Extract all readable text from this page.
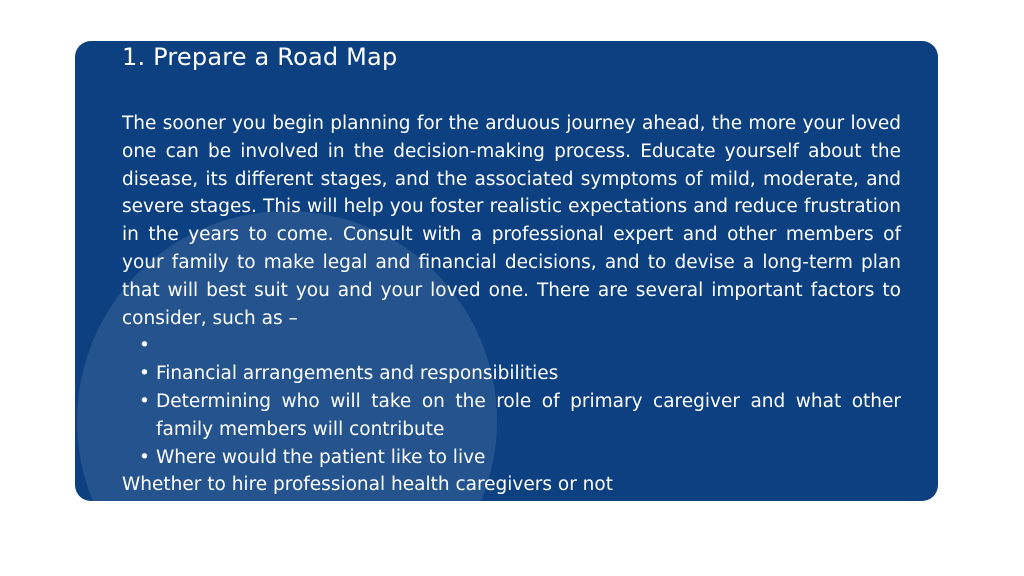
1. Prepare a Road Map

The sooner you begin planning for the arduous journey ahead, the more your loved one can be involved in the decision-making process. Educate yourself about the disease, its different stages, and the associated symptoms of mild, moderate, and severe stages. This will help you foster realistic expectations and reduce frustration in the years to come. Consult with a professional expert and other members of your family to make legal and financial decisions, and to devise a long-term plan that will best suit you and your loved one. There are several important factors to consider, such as –

•
• Financial arrangements and responsibilities
• Determining who will take on the role of primary caregiver and what other family members will contribute
• Where would the patient like to live

Whether to hire professional health caregivers or not
